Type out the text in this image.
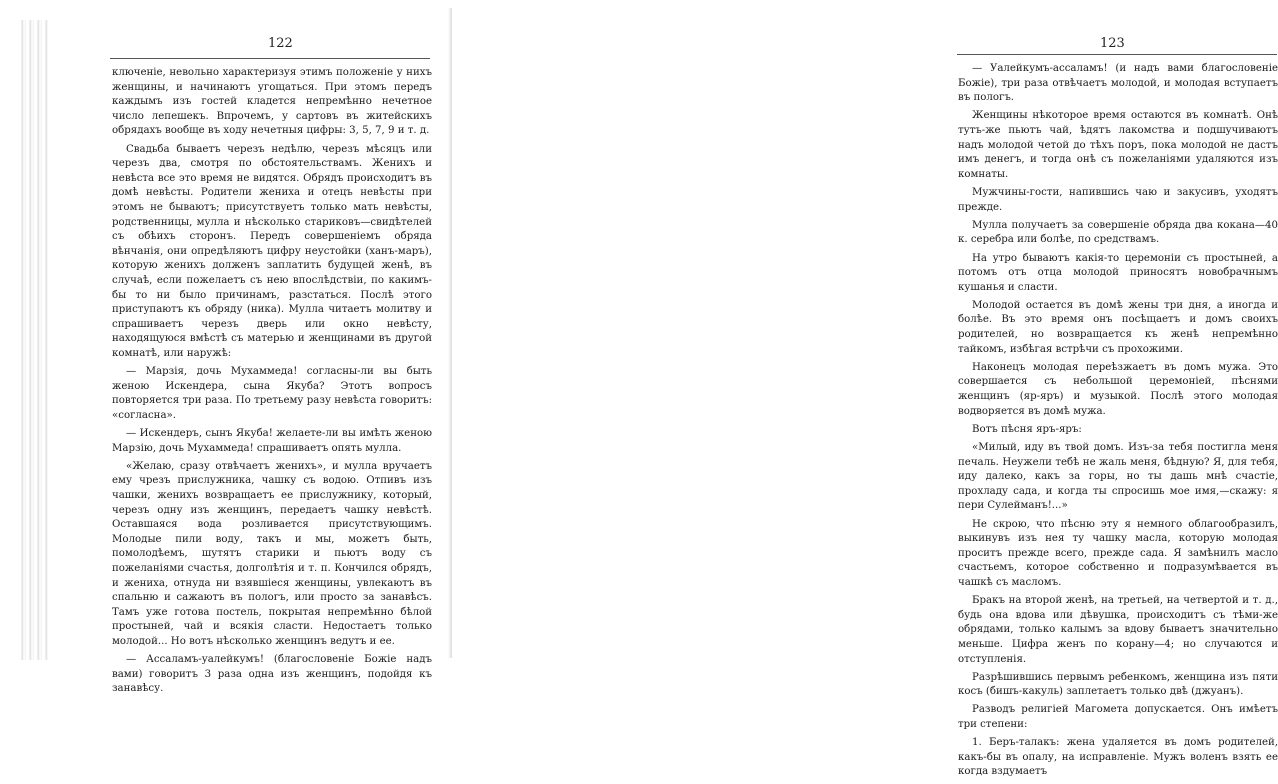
122

ключеніе, невольно характеризуя этимъ положеніе у нихъ женщины, и начинаютъ угощаться. При этомъ передъ каждымъ изъ гостей кладется непремѣнно нечетное число лепешекъ. Впрочемъ, у сартовъ въ житейскихъ обрядахъ вообще въ ходу нечетныя цифры: 3, 5, 7, 9 и т. д.

Свадьба бываетъ черезъ недѣлю, черезъ мѣсяцъ или черезъ два, смотря по обстоятельствамъ. Женихъ и невѣста все это время не видятся. Обрядъ происходитъ въ домѣ невѣсты. Родители жениха и отецъ невѣсты при этомъ не бываютъ; присутствуетъ только мать невѣсты, родственницы, мулла и нѣсколько стариковъ—свидѣтелей съ обѣихъ сторонъ. Передъ совершеніемъ обряда вѣнчанія, они опредѣляютъ цифру неустойки (ханъ-маръ), которую женихъ долженъ заплатить будущей женѣ, въ случаѣ, если пожелаетъ съ нею впослѣдствіи, по какимъ-бы то ни было причинамъ, разстаться. Послѣ этого приступаютъ къ обряду (ника). Мулла читаетъ молитву и спрашиваетъ черезъ дверь или окно невѣсту, находящуюся вмѣстѣ съ матерью и женщинами въ другой комнатѣ, или наружѣ:

— Марзія, дочь Мухаммеда! согласны-ли вы быть женою Искендера, сына Якуба? Этотъ вопросъ повторяется три раза. По третьему разу невѣста говоритъ: «согласна».

— Искендеръ, сынъ Якуба! желаете-ли вы имѣть женою Марзію, дочь Мухаммеда! спрашиваетъ опять мулла.

«Желаю, сразу отвѣчаетъ женихъ», и мулла вручаетъ ему чрезъ прислужника, чашку съ водою. Отпивъ изъ чашки, женихъ возвращаетъ ее прислужнику, который, черезъ одну изъ женщинъ, передаетъ чашку невѣстѣ. Оставшаяся вода розливается присутствующимъ. Молодые пили воду, такъ и мы, можетъ быть, помолодѣемъ, шутятъ старики и пьютъ воду съ пожеланіями счастья, долголѣтія и т. п. Кончился обрядъ, и жениха, отнуда ни взявшіеся женщины, увлекаютъ въ спальню и сажаютъ въ пологъ, или просто за занавѣсъ. Тамъ уже готова постель, покрытая непремѣнно бѣлой простыней, чай и всякія сласти. Недостаетъ только молодой... Но вотъ нѣсколько женщинъ ведутъ и ее.

— Ассаламъ-уалейкумъ! (благословеніе Божіе надъ вами) говоритъ 3 раза одна изъ женщинъ, подойдя къ занавѣсу.

123

— Уалейкумъ-ассаламъ! (и надъ вами благословеніе Божіе), три раза отвѣчаетъ молодой, и молодая вступаетъ въ пологъ.

Женщины нѣкоторое время остаются въ комнатѣ. Онѣ тутъ-же пьютъ чай, ѣдятъ лакомства и подшучиваютъ надъ молодой четой до тѣхъ поръ, пока молодой не дастъ имъ денегъ, и тогда онѣ съ пожеланіями удаляются изъ комнаты.

Мужчины-гости, напившись чаю и закусивъ, уходятъ прежде.

Мулла получаетъ за совершеніе обряда два кокана—40 к. серебра или болѣе, по средствамъ.

На утро бываютъ какія-то церемоніи съ простыней, а потомъ отъ отца молодой приносятъ новобрачнымъ кушанья и сласти.

Молодой остается въ домѣ жены три дня, а иногда и болѣе. Въ это время онъ посѣщаетъ и домъ своихъ родителей, но возвращается къ женѣ непремѣнно тайкомъ, избѣгая встрѣчи съ прохожими.

Наконецъ молодая переѣзжаетъ въ домъ мужа. Это совершается съ небольшой церемоніей, пѣснями женщинъ (яр-яръ) и музыкой. Послѣ этого молодая водворяется въ домѣ мужа.

Вотъ пѣсня яръ-яръ:

«Милый, иду въ твой домъ. Изъ-за тебя постигла меня печаль. Неужели тебѣ не жаль меня, бѣдную? Я, для тебя, иду далеко, какъ за горы, но ты дашь мнѣ счастіе, прохладу сада, и когда ты спросишь мое имя,—скажу: я пери Сулейманъ!...»

Не скрою, что пѣсню эту я немного облагообразилъ, выкинувъ изъ нея ту чашку масла, которую молодая проситъ прежде всего, прежде сада. Я замѣнилъ масло счастьемъ, которое собственно и подразумѣвается въ чашкѣ съ масломъ.

Бракъ на второй женѣ, на третьей, на четвертой и т. д., будь она вдова или дѣвушка, происходитъ съ тѣми-же обрядами, только калымъ за вдову бываетъ значительно меньше. Цифра женъ по корану—4; но случаются и отступленія.

Разрѣшившись первымъ ребенкомъ, женщина изъ пяти косъ (бишъ-какуль) заплетаетъ только двѣ (джуанъ).

Разводъ религіей Магомета допускается. Онъ имѣетъ три степени:

1. Беръ-талакъ: жена удаляется въ домъ родителей, какъ-бы въ опалу, на исправленіе. Мужъ воленъ взять ее когда вздумаетъ
